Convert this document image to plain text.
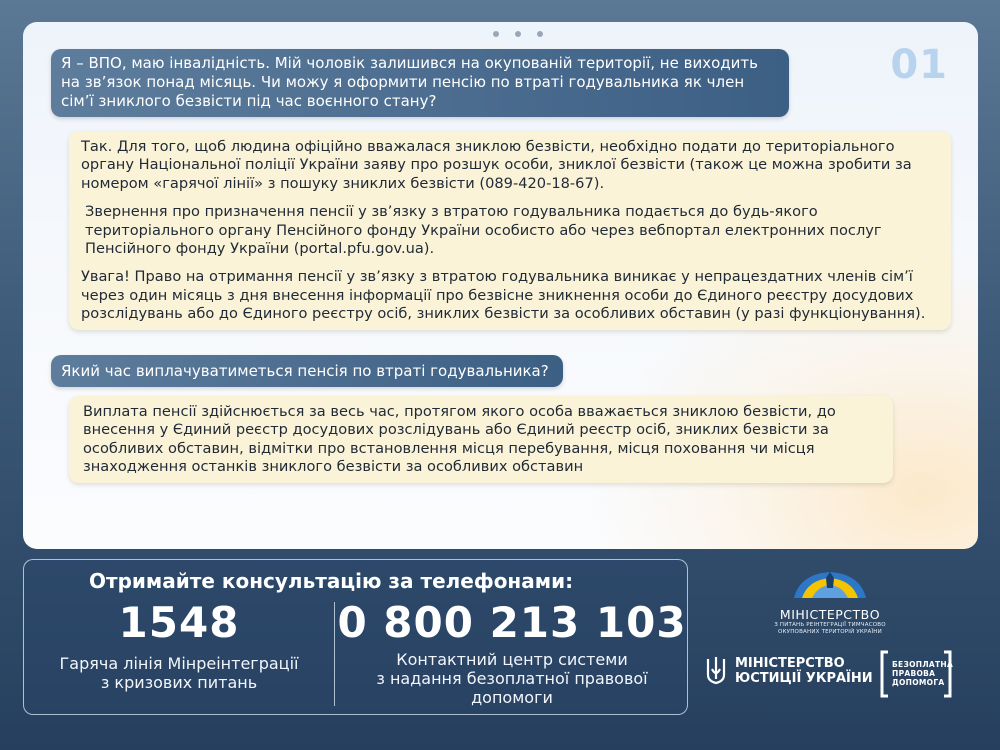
01
Я – ВПО, маю інвалідність. Мій чоловік залишився на окупованій території, не виходить на зв’язок понад місяць. Чи можу я оформити пенсію по втраті годувальника як член сім’ї зниклого безвісти під час воєнного стану?

Так. Для того, щоб людина офіційно вважалася зниклою безвісти, необхідно подати до територіального органу Національної поліції України заяву про розшук особи, зниклої безвісти (також це можна зробити за номером «гарячої лінії» з пошуку зниклих безвісти (089-420-18-67).

Звернення про призначення пенсії у зв’язку з втратою годувальника подається до будь-якого територіального органу Пенсійного фонду України особисто або через вебпортал електронних послуг Пенсійного фонду України (portal.pfu.gov.ua).

Увага! Право на отримання пенсії у зв’язку з втратою годувальника виникає у непрацездатних членів сім’ї через один місяць з дня внесення інформації про безвісне зникнення особи до Єдиного реєстру досудових розслідувань або до Єдиного реєстру осіб, зниклих безвісти за особливих обставин (у разі функціонування).

Який час виплачуватиметься пенсія по втраті годувальника?

Виплата пенсії здійснюється за весь час, протягом якого особа вважається зниклою безвісти, до внесення у Єдиний реєстр досудових розслідувань або Єдиний реєстр осіб, зниклих безвісти за особливих обставин, відмітки про встановлення місця перебування, місця поховання чи місця знаходження останків зниклого безвісти за особливих обставин

Отримайте консультацію за телефонами:
1548
Гаряча лінія Мінреінтеграції
з кризових питань
0 800 213 103
Контактний центр системи
з надання безоплатної правової
допомоги
МІНІСТЕРСТВО
З ПИТАНЬ РЕІНТЕГРАЦІЇ ТИМЧАСОВО
ОКУПОВАНИХ ТЕРИТОРІЙ УКРАЇНИ
МІНІСТЕРСТВО
ЮСТИЦІЇ УКРАЇНИ
БЕЗОПЛАТНА
ПРАВОВА
ДОПОМОГА
